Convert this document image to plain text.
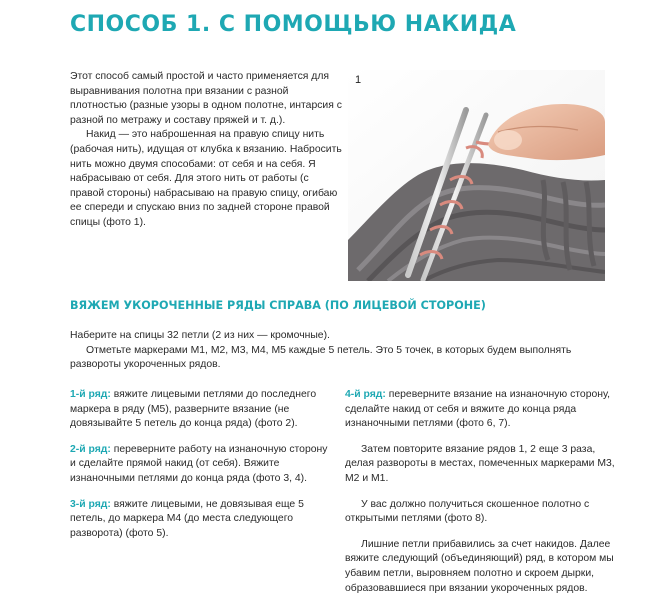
СПОСОБ 1. С ПОМОЩЬЮ НАКИДА

Этот способ самый простой и часто применяется для выравнивания полотна при вязании с разной плотностью (разные узоры в одном полотне, интарсия с разной по метражу и составу пряжей и т. д.).

Накид — это наброшенная на правую спицу нить (рабочая нить), идущая от клубка к вязанию. Набросить нить можно двумя способами: от себя и на себя. Я набрасываю от себя. Для этого нить от работы (с правой стороны) набрасываю на правую спицу, огибаю ее спереди и спускаю вниз по задней стороне правой спицы (фото 1).

1
ВЯЖЕМ УКОРОЧЕННЫЕ РЯДЫ СПРАВА (ПО ЛИЦЕВОЙ СТОРОНЕ)

Наберите на спицы 32 петли (2 из них — кромочные).

Отметьте маркерами М1, М2, М3, М4, М5 каждые 5 петель. Это 5 точек, в которых будем выполнять развороты укороченных рядов.

1-й ряд: вяжите лицевыми петлями до последнего маркера в ряду (М5), разверните вязание (не довязывайте 5 петель до конца ряда) (фото 2).

2-й ряд: переверните работу на изнаночную сторону и сделайте прямой накид (от себя). Вяжите изнаночными петлями до конца ряда (фото 3, 4).

3-й ряд: вяжите лицевыми, не довязывая еще 5 петель, до маркера М4 (до места следующего разворота) (фото 5).

4-й ряд: переверните вязание на изнаночную сторону, сделайте накид от себя и вяжите до конца ряда изнаночными петлями (фото 6, 7).

Затем повторите вязание рядов 1, 2 еще 3 раза, делая развороты в местах, помеченных маркерами М3, М2 и М1.

У вас должно получиться скошенное полотно с открытыми петлями (фото 8).

Лишние петли прибавились за счет накидов. Далее вяжите следующий (объединяющий) ряд, в котором мы убавим петли, выровняем полотно и скроем дырки, образовавшиеся при вязании укороченных рядов.
